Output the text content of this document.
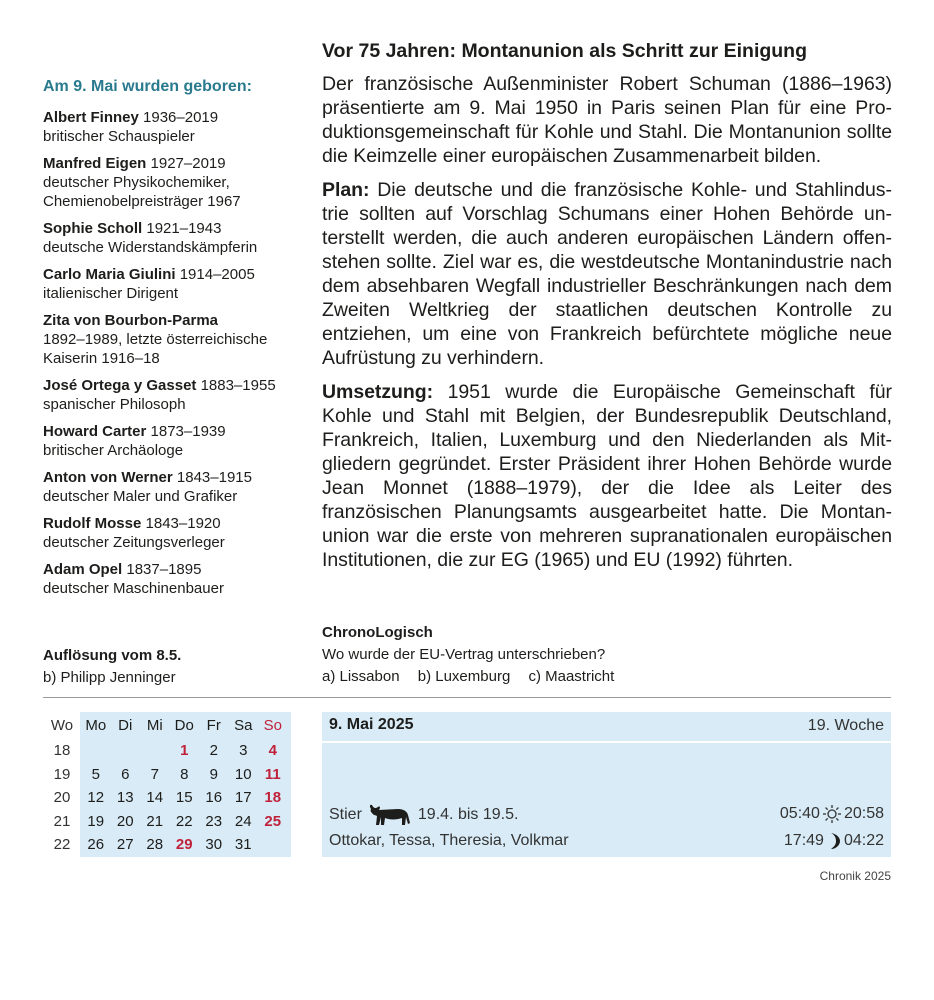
Am 9. Mai wurden geboren:
Albert Finney 1936–2019
britischer Schauspieler
Manfred Eigen 1927–2019
deutscher Physikochemiker, Chemienobelpreisträger 1967
Sophie Scholl 1921–1943
deutsche Widerstandskämpferin
Carlo Maria Giulini 1914–2005
italienischer Dirigent
Zita von Bourbon-Parma
1892–1989, letzte österreichische Kaiserin 1916–18
José Ortega y Gasset 1883–1955
spanischer Philosoph
Howard Carter 1873–1939
britischer Archäologe
Anton von Werner 1843–1915
deutscher Maler und Grafiker
Rudolf Mosse 1843–1920
deutscher Zeitungsverleger
Adam Opel 1837–1895
deutscher Maschinenbauer
Vor 75 Jahren: Montanunion als Schritt zur Einigung

Der französische Außenminister Robert Schuman (1886–1963) präsentierte am 9. Mai 1950 in Paris seinen Plan für eine Produktionsgemeinschaft für Kohle und Stahl. Die Montanunion sollte die Keimzelle einer europäischen Zusammenarbeit bilden.

Plan: Die deutsche und die französische Kohle- und Stahlindustrie sollten auf Vorschlag Schumans einer Hohen Behörde unterstellt werden, die auch anderen europäischen Ländern offenstehen sollte. Ziel war es, die westdeutsche Montanindustrie nach dem absehbaren Wegfall industrieller Beschränkungen nach dem Zweiten Weltkrieg der staatlichen deutschen Kontrolle zu entziehen, um eine von Frankreich befürchtete mögliche neue Aufrüstung zu verhindern.

Umsetzung: 1951 wurde die Europäische Gemeinschaft für Kohle und Stahl mit Belgien, der Bundesrepublik Deutschland, Frankreich, Italien, Luxemburg und den Niederlanden als Mitgliedern gegründet. Erster Präsident ihrer Hohen Behörde wurde Jean Monnet (1888–1979), der die Idee als Leiter des französischen Planungsamts ausgearbeitet hatte. Die Montanunion war die erste von mehreren supranationalen europäischen Institutionen, die zur EG (1965) und EU (1992) führten.

Auflösung vom 8.5.
b) Philipp Jenninger
ChronoLogisch
Wo wurde der EU-Vertrag unterschrieben?
a) Lissabon b) Luxemburg c) Maastricht
Wo	Mo	Di	Mi	Do	Fr	Sa	So
18				1	2	3	4
19	5	6	7	8	9	10	11
20	12	13	14	15	16	17	18
21	19	20	21	22	23	24	25
22	26	27	28	29	30	31	
9. Mai 2025	19. Woche
Stier	19.4. bis 19.5.	05:40 20:58
Ottokar, Tessa, Theresia, Volkmar	17:49 04:22
Chronik 2025
